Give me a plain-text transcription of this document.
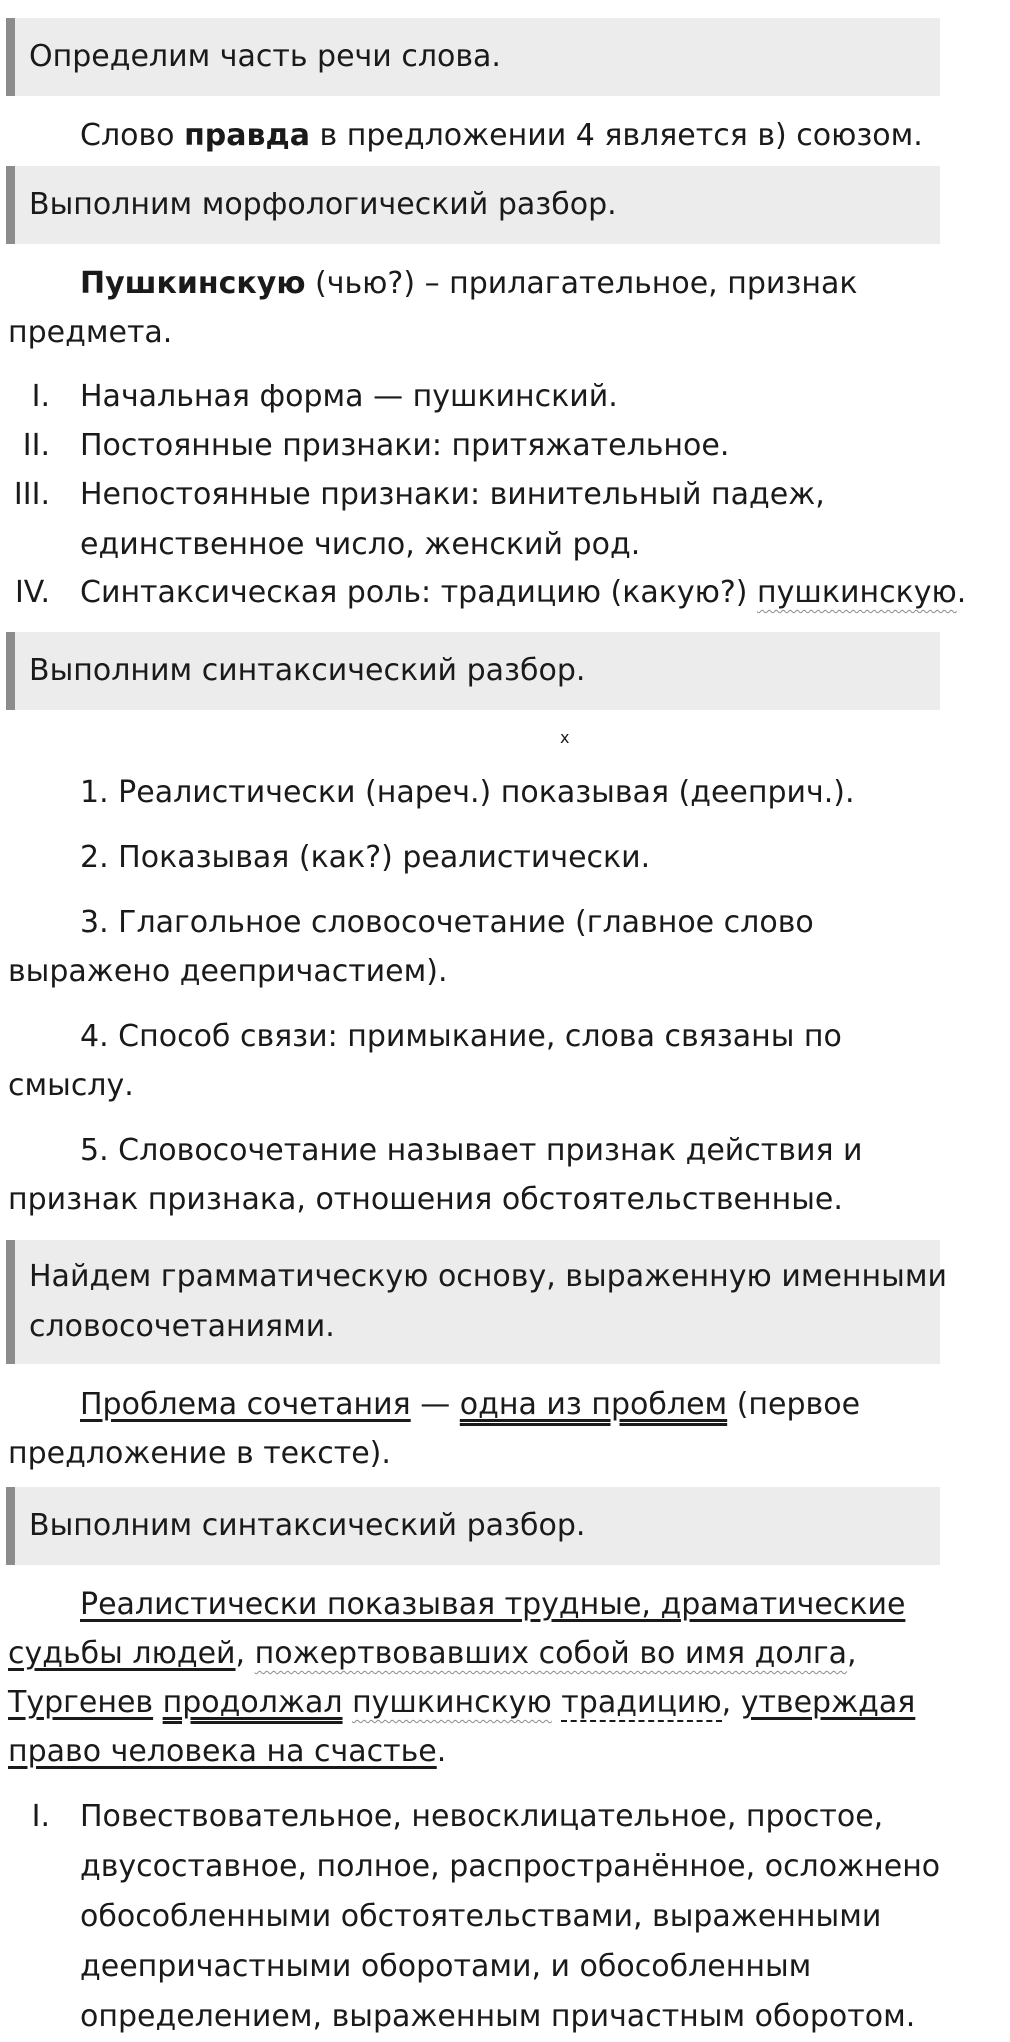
Определим часть речи слова.
Слово правда в предложении 4 является в) союзом.
Выполним морфологический разбор.
Пушкинскую (чью?) – прилагательное, признак
предмета.
I. Начальная форма — пушкинский.
II. Постоянные признаки: притяжательное.
III. Непостоянные признаки: винительный падеж,
единственное число, женский род.
IV. Синтаксическая роль: традицию (какую?) пушкинскую.
Выполним синтаксический разбор.
x
1. Реалистически (нареч.) показывая (дееприч.).
2. Показывая (как?) реалистически.
3. Глагольное словосочетание (главное слово
выражено деепричастием).
4. Способ связи: примыкание, слова связаны по
смыслу.
5. Словосочетание называет признак действия и
признак признака, отношения обстоятельственные.
Найдем грамматическую основу, выраженную именными
словосочетаниями.
Проблема сочетания — одна из проблем (первое
предложение в тексте).
Выполним синтаксический разбор.
Реалистически показывая трудные, драматические
судьбы людей, пожертвовавших собой во имя долга,
Тургенев продолжал пушкинскую традицию, утверждая
право человека на счастье.
I. Повествовательное, невосклицательное, простое,
двусоставное, полное, распространённое, осложнено
обособленными обстоятельствами, выраженными
деепричастными оборотами, и обособленным
определением, выраженным причастным оборотом.
